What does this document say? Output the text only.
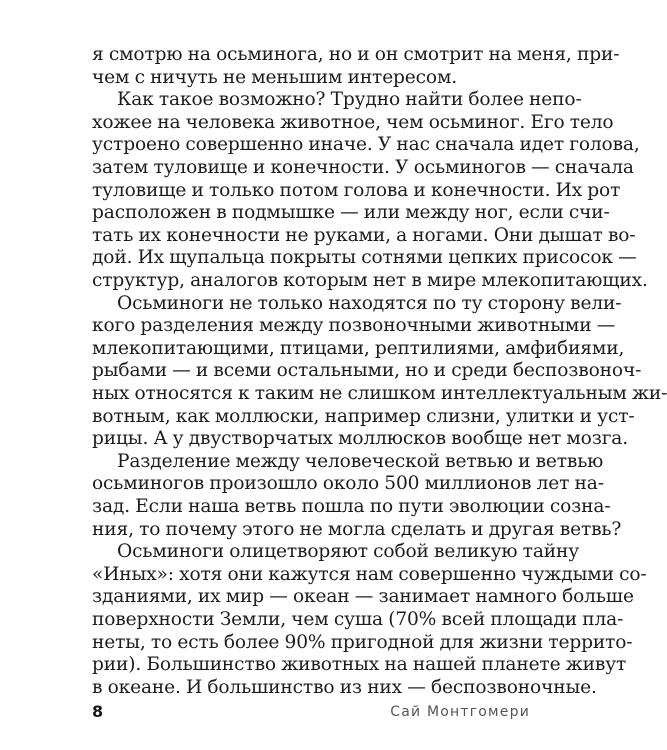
я смотрю на осьминога, но и он смотрит на меня, при-
чем с ничуть не меньшим интересом.
Как такое возможно? Трудно найти более непо-
хожее на человека животное, чем осьминог. Его тело
устроено совершенно иначе. У нас сначала идет голова,
затем туловище и конечности. У осьминогов — сначала
туловище и только потом голова и конечности. Их рот
расположен в подмышке — или между ног, если счи-
тать их конечности не руками, а ногами. Они дышат во-
дой. Их щупальца покрыты сотнями цепких присосок —
структур, аналогов которым нет в мире млекопитающих.
Осьминоги не только находятся по ту сторону вели-
кого разделения между позвоночными животными —
млекопитающими, птицами, рептилиями, амфибиями,
рыбами — и всеми остальными, но и среди беспозвоноч-
ных относятся к таким не слишком интеллектуальным жи-
вотным, как моллюски, например слизни, улитки и уст-
рицы. А у двустворчатых моллюсков вообще нет мозга.
Разделение между человеческой ветвью и ветвью
осьминогов произошло около 500 миллионов лет на-
зад. Если наша ветвь пошла по пути эволюции созна-
ния, то почему этого не могла сделать и другая ветвь?
Осьминоги олицетворяют собой великую тайну
«Иных»: хотя они кажутся нам совершенно чуждыми со-
зданиями, их мир — океан — занимает намного больше
поверхности Земли, чем суша (70% всей площади пла-
неты, то есть более 90% пригодной для жизни террито-
рии). Большинство животных на нашей планете живут
в океане. И большинство из них — беспозвоночные.
8	Сай Монтгомери
